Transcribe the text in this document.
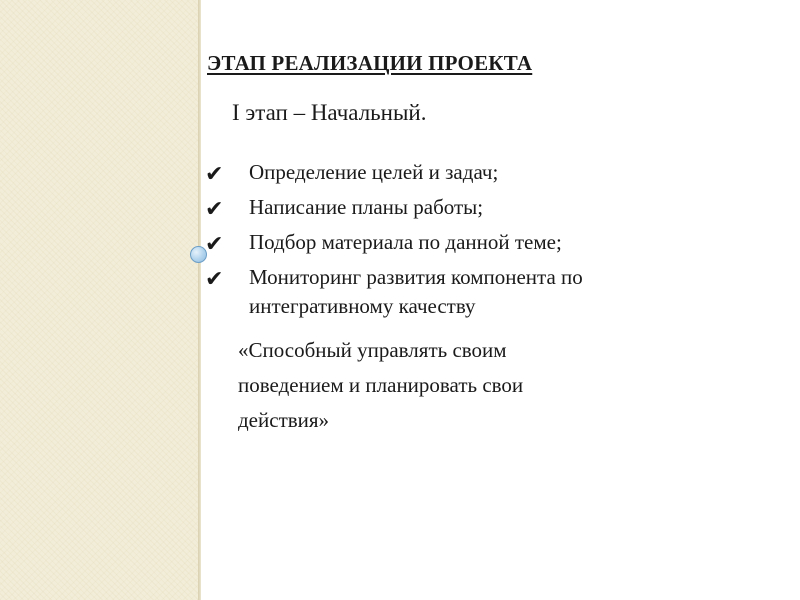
ЭТАП РЕАЛИЗАЦИИ ПРОЕКТА
I этап – Начальный.
✔ Определение целей и задач;
✔ Написание планы работы;
✔ Подбор материала по данной теме;
✔ Мониторинг развития компонента по интегративному качеству
«Способный управлять своим
поведением и планировать свои
действия»
